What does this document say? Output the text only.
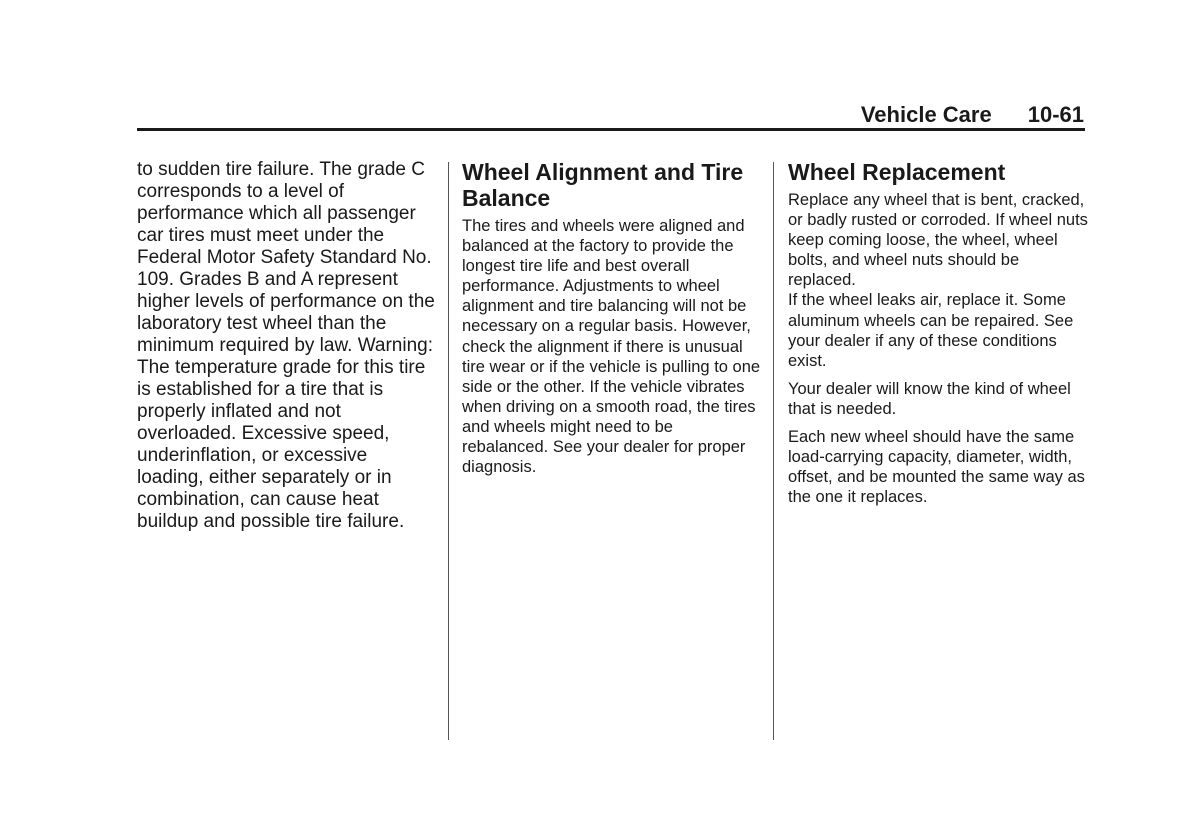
Vehicle Care 10-61

to sudden tire failure. The grade C corresponds to a level of performance which all passenger car tires must meet under the Federal Motor Safety Standard No. 109. Grades B and A represent higher levels of performance on the laboratory test wheel than the minimum required by law. Warning: The temperature grade for this tire is established for a tire that is properly inflated and not overloaded. Excessive speed, underinflation, or excessive loading, either separately or in combination, can cause heat buildup and possible tire failure.

Wheel Alignment and Tire Balance

The tires and wheels were aligned and balanced at the factory to provide the longest tire life and best overall performance. Adjustments to wheel alignment and tire balancing will not be necessary on a regular basis. However, check the alignment if there is unusual tire wear or if the vehicle is pulling to one side or the other. If the vehicle vibrates when driving on a smooth road, the tires and wheels might need to be rebalanced. See your dealer for proper diagnosis.

Wheel Replacement

Replace any wheel that is bent, cracked, or badly rusted or corroded. If wheel nuts keep coming loose, the wheel, wheel bolts, and wheel nuts should be replaced.

If the wheel leaks air, replace it. Some aluminum wheels can be repaired. See your dealer if any of these conditions exist.

Your dealer will know the kind of wheel that is needed.

Each new wheel should have the same load-carrying capacity, diameter, width, offset, and be mounted the same way as the one it replaces.
